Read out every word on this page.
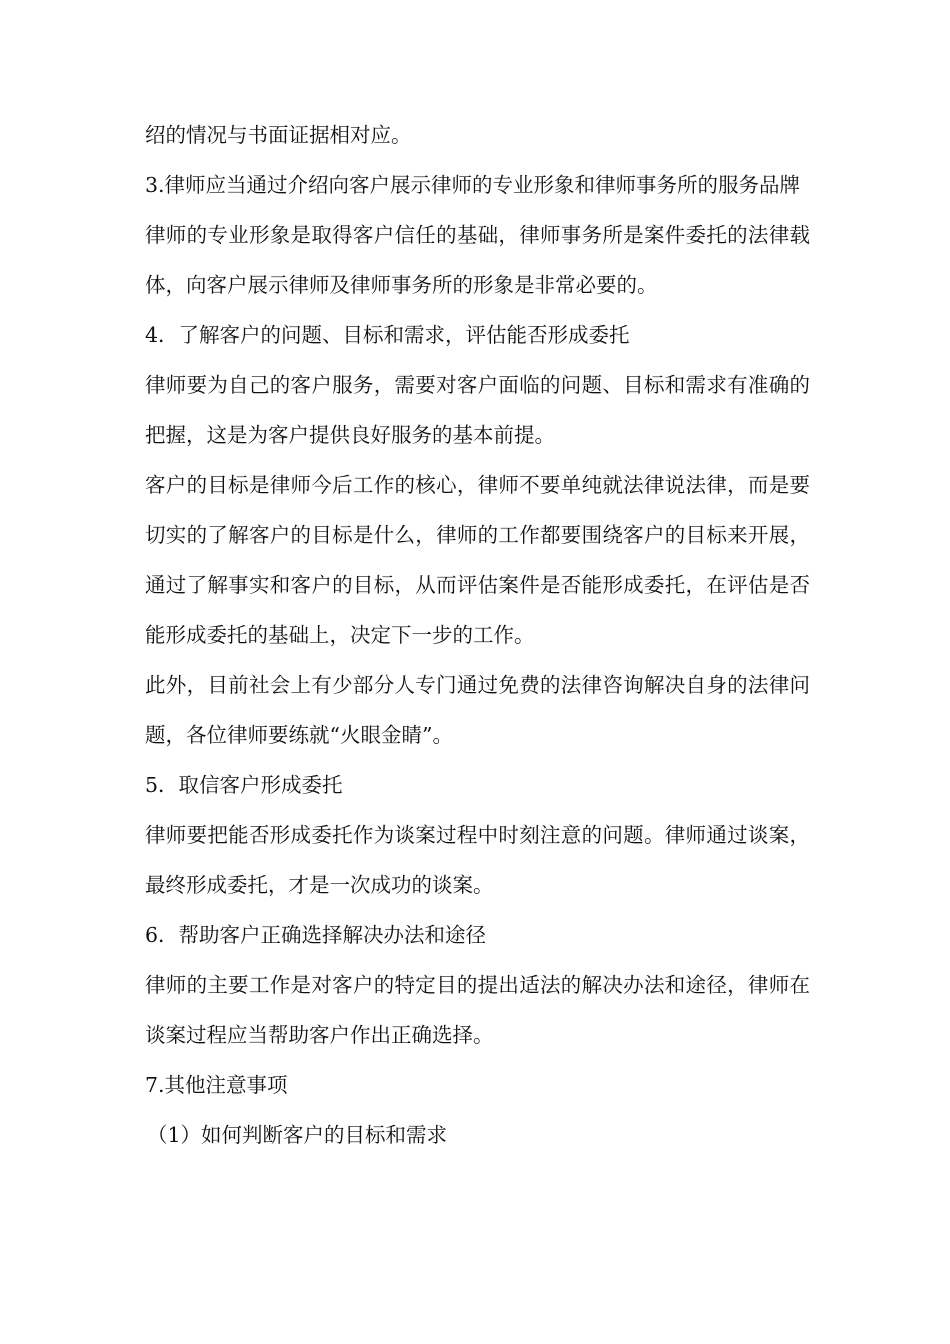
绍的情况与书面证据相对应。

3.律师应当通过介绍向客户展示律师的专业形象和律师事务所的服务品牌

律师的专业形象是取得客户信任的基础，律师事务所是案件委托的法律载体，向客户展示律师及律师事务所的形象是非常必要的。

4．了解客户的问题、目标和需求，评估能否形成委托

律师要为自己的客户服务，需要对客户面临的问题、目标和需求有准确的把握，这是为客户提供良好服务的基本前提。

客户的目标是律师今后工作的核心，律师不要单纯就法律说法律，而是要切实的了解客户的目标是什么，律师的工作都要围绕客户的目标来开展，通过了解事实和客户的目标，从而评估案件是否能形成委托，在评估是否能形成委托的基础上，决定下一步的工作。

此外，目前社会上有少部分人专门通过免费的法律咨询解决自身的法律问题，各位律师要练就“火眼金睛”。

5．取信客户形成委托

律师要把能否形成委托作为谈案过程中时刻注意的问题。律师通过谈案，最终形成委托，才是一次成功的谈案。

6．帮助客户正确选择解决办法和途径

律师的主要工作是对客户的特定目的提出适法的解决办法和途径，律师在谈案过程应当帮助客户作出正确选择。

7.其他注意事项

（1）如何判断客户的目标和需求
